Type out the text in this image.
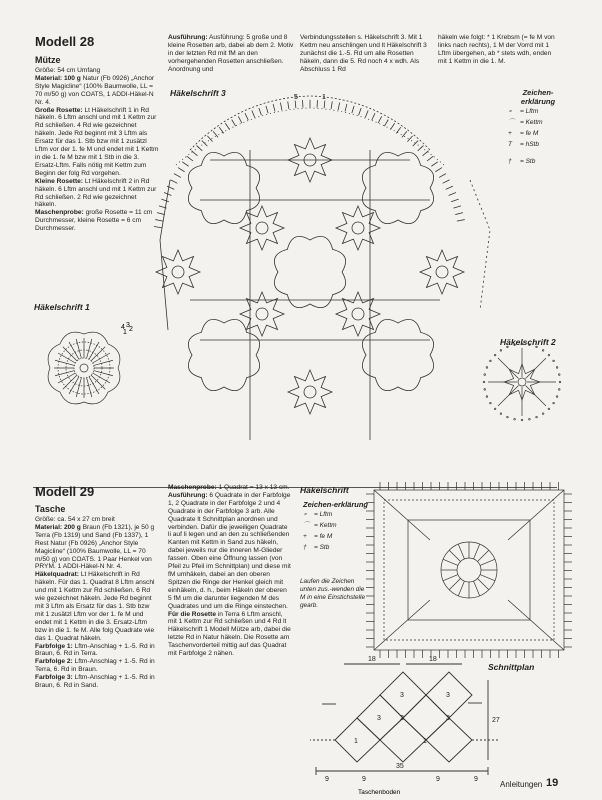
Modell 28
Mütze
Größe: 54 cm Umfang
Material: 100 g Natur (Fb 0926) „Anchor Style Magicline“ (100% Baumwolle, LL = 70 m/50 g) von COATS, 1 ADDI-Häkel-N Nr. 4.
Große Rosette: Lt Häkelschrift 1 in Rd häkeln. 6 Lftm anschl und mit 1 Kettm zur Rd schließen. 4 Rd wie gezeichnet häkeln. Jede Rd beginnt mit 3 Lftm als Ersatz für das 1. Stb bzw mit 1 zusätzl Lftm vor der 1. fe M und endet mit 1 Kettm in die 1. fe M bzw mit 1 Stb in die 3. Ersatz-Lftm. Falls nötig mit Kettm zum Beginn der folg Rd vorgehen.
Kleine Rosette: Lt Häkelschrift 2 in Rd häkeln. 6 Lftm anschl und mit 1 Kettm zur Rd schließen. 2 Rd wie gezeichnet häkeln.
Maschenprobe: große Rosette = 11 cm Durchmesser, kleine Rosette = 6 cm Durchmesser.
Ausführung: Ausführung: 5 große und 8 kleine Rosetten arb, dabei ab dem 2. Motiv in der letzten Rd mit fM an den vorhergehenden Rosetten anschließen. Anordnung und
Verbindungsstellen s. Häkelschrift 3. Mit 1 Kettm neu anschlingen und lt Häkelschrift 3 zunächst die 1.-5. Rd um alle Rosetten häkeln, dann die 5. Rd noch 4 x wdh. Als Abschluss 1 Rd
häkeln wie folgt: * 1 Krebsm (= fe M von links nach rechts), 1 M der Vorrd mit 1 Lftm übergehen, ab * stets wdh, enden mit 1 Kettm in die 1. M.
Häkelschrift 3
Häkelschrift 1
Häkelschrift 2
Zeichen-erklärung
∘ = Lftm
⌒ = Kettm
+ = fe M
T = hStb
† = Stb
5	1
1 2
3
4
Modell 29
Tasche
Größe: ca. 54 x 27 cm breit
Material: 200 g Braun (Fb 1321), je 50 g Terra (Fb 1319) und Sand (Fb 1337), 1 Rest Natur (Fb 0926) „Anchor Style Magicline“ (100% Baumwolle, LL = 70 m/50 g) von COATS. 1 Paar Henkel von PRYM. 1 ADDI-Häkel-N Nr. 4.
Häkelquadrat: Lt Häkelschrift in Rd häkeln. Für das 1. Quadrat 8 Lftm anschl und mit 1 Kettm zur Rd schließen. 6 Rd wie gezeichnet häkeln. Jede Rd beginnt mit 3 Lftm als Ersatz für das 1. Stb bzw mit 1 zusätzl Lftm vor der 1. fe M und endet mit 1 Kettm in die 3. Ersatz-Lftm bzw in die 1. fe M. Alle folg Quadrate wie das 1. Quadrat häkeln.
Farbfolge 1: Lftm-Anschlag + 1.-5. Rd in Braun, 6. Rd in Terra.
Farbfolge 2: Lftm-Anschlag + 1.-5. Rd in Terra, 6. Rd in Braun.
Farbfolge 3: Lftm-Anschlag + 1.-5. Rd in Braun, 6. Rd in Sand.
Maschenprobe: 1 Quadrat = 13 x 13 cm.
Ausführung: 6 Quadrate in der Farbfolge 1, 2 Quadrate in der Farbfolge 2 und 4 Quadrate in der Farbfolge 3 arb. Alle Quadrate lt Schnittplan anordnen und verbinden. Dafür die jeweiligen Quadrate li auf li legen und an den zu schließenden Kanten mit Kettm in Sand zus häkeln, dabei jeweils nur die inneren M-Glieder fassen. Oben eine Öffnung lassen (von Pfeil zu Pfeil im Schnittplan) und diese mit fM umhäkeln, dabei an den oberen Spitzen die Ringe der Henkel gleich mit einhäkeln, d. h., beim Häkeln der oberen 5 fM um die darunter liegenden M des Quadrates und um die Ringe einstechen.
Für die Rosette in Terra 6 Lftm anschl, mit 1 Kettm zur Rd schließen und 4 Rd lt Häkelschrift 1 Modell Mütze arb, dabei die letzte Rd in Natur häkeln. Die Rosette am Taschenvorderteil mittig auf das Quadrat mit Farbfolge 2 nähen.
Häkelschrift
Zeichen-erklärung
∘ = Lftm
⌒ = Kettm
+ = fe M
† = Stb
Laufen die Zeichen unten zus.-wenden die M in eine Einstichstelle gearb.
Schnittplan
18	18
27
35
9	9	9	9
3	3
1
2
1
3	3
Taschenboden
Anleitungen 19
